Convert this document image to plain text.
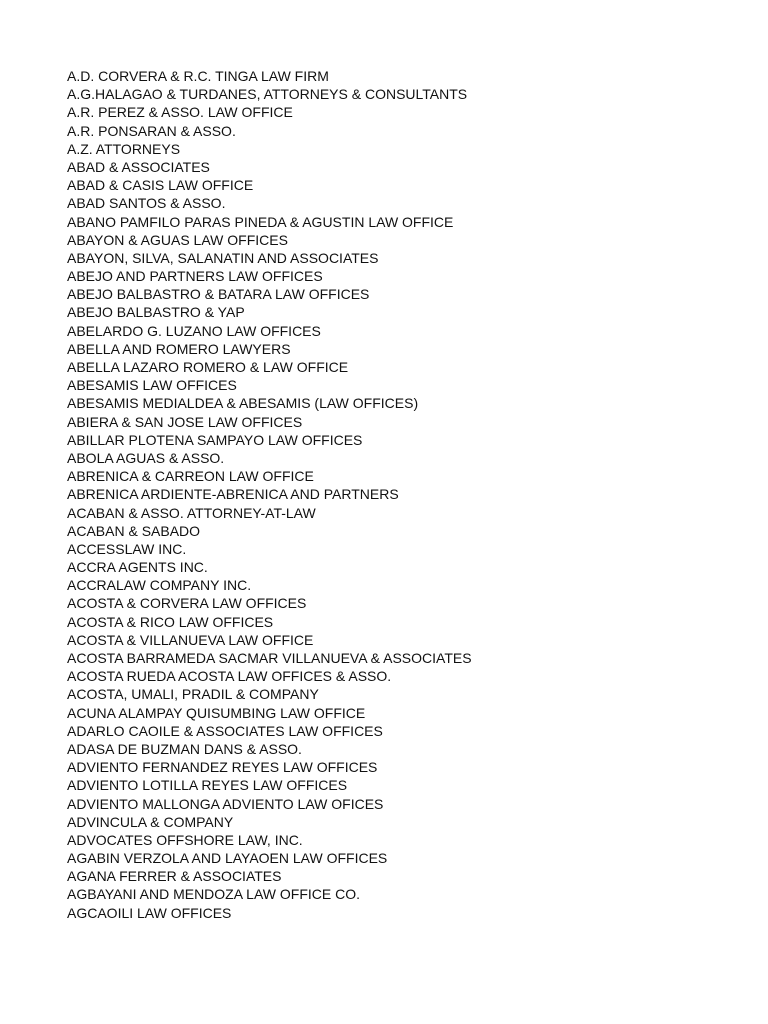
A.D. CORVERA & R.C. TINGA LAW FIRM
A.G.HALAGAO & TURDANES, ATTORNEYS & CONSULTANTS
A.R. PEREZ & ASSO. LAW OFFICE
A.R. PONSARAN & ASSO.
A.Z. ATTORNEYS
ABAD & ASSOCIATES
ABAD & CASIS LAW OFFICE
ABAD SANTOS & ASSO.
ABANO PAMFILO PARAS PINEDA & AGUSTIN LAW OFFICE
ABAYON & AGUAS LAW OFFICES
ABAYON, SILVA, SALANATIN AND ASSOCIATES
ABEJO AND PARTNERS LAW OFFICES
ABEJO BALBASTRO & BATARA LAW OFFICES
ABEJO BALBASTRO & YAP
ABELARDO G. LUZANO LAW OFFICES
ABELLA AND ROMERO LAWYERS
ABELLA LAZARO ROMERO & LAW OFFICE
ABESAMIS LAW OFFICES
ABESAMIS MEDIALDEA & ABESAMIS (LAW OFFICES)
ABIERA & SAN JOSE LAW OFFICES
ABILLAR PLOTENA SAMPAYO LAW OFFICES
ABOLA AGUAS & ASSO.
ABRENICA & CARREON LAW OFFICE
ABRENICA ARDIENTE-ABRENICA AND PARTNERS
ACABAN & ASSO. ATTORNEY-AT-LAW
ACABAN & SABADO
ACCESSLAW INC.
ACCRA AGENTS INC.
ACCRALAW COMPANY INC.
ACOSTA & CORVERA LAW OFFICES
ACOSTA & RICO LAW OFFICES
ACOSTA & VILLANUEVA LAW OFFICE
ACOSTA BARRAMEDA SACMAR VILLANUEVA & ASSOCIATES
ACOSTA RUEDA ACOSTA LAW OFFICES & ASSO.
ACOSTA, UMALI, PRADIL & COMPANY
ACUNA ALAMPAY QUISUMBING LAW OFFICE
ADARLO CAOILE & ASSOCIATES LAW OFFICES
ADASA DE BUZMAN DANS & ASSO.
ADVIENTO FERNANDEZ REYES LAW OFFICES
ADVIENTO LOTILLA REYES LAW OFFICES
ADVIENTO MALLONGA ADVIENTO LAW OFICES
ADVINCULA & COMPANY
ADVOCATES OFFSHORE LAW, INC.
AGABIN VERZOLA AND LAYAOEN LAW OFFICES
AGANA FERRER & ASSOCIATES
AGBAYANI AND MENDOZA LAW OFFICE CO.
AGCAOILI LAW OFFICES
